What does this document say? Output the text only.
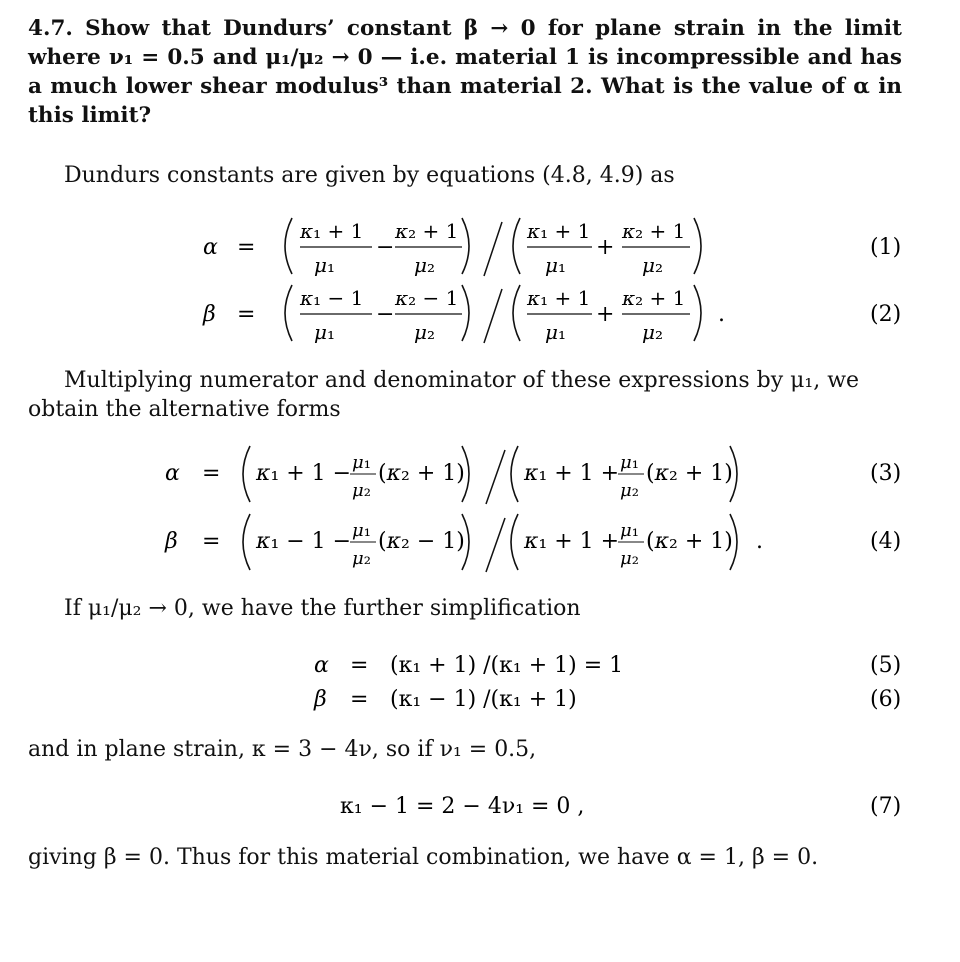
4.7. Show that Dundurs’ constant β → 0 for plane strain in the limit where ν₁ = 0.5 and μ₁/μ₂ → 0 — i.e. material 1 is incompressible and has a much lower shear modulus³ than material 2. What is the value of α in this limit?
Dundurs constants are given by equations (4.8, 4.9) as
α =
κ₁ + 1
μ₁
−
κ₂ + 1
μ₂
κ₁ + 1
μ₁
+
κ₂ + 1
μ₂
(1)
β =
κ₁ − 1
μ₁
−
κ₂ − 1
μ₂
κ₁ + 1
μ₁
+
κ₂ + 1
μ₂
.	(2)
Multiplying numerator and denominator of these expressions by μ₁, we obtain the alternative forms
α = κ₁ + 1 − μ₁
μ₂
(κ₂ + 1)	κ₁ + 1 + μ₁
μ₂
(κ₂ + 1)	(3)
β = κ₁ − 1 − μ₁
μ₂
(κ₂ − 1)	κ₁ + 1 + μ₁
μ₂
(κ₂ + 1) .	(4)
If μ₁/μ₂ → 0, we have the further simplification
α = (κ₁ + 1) /(κ₁ + 1) = 1	(5)
β = (κ₁ − 1) /(κ₁ + 1)	(6)
and in plane strain, κ = 3 − 4ν, so if ν₁ = 0.5,
κ₁ − 1 = 2 − 4ν₁ = 0 ,	(7)
giving β = 0. Thus for this material combination, we have α = 1, β = 0.
